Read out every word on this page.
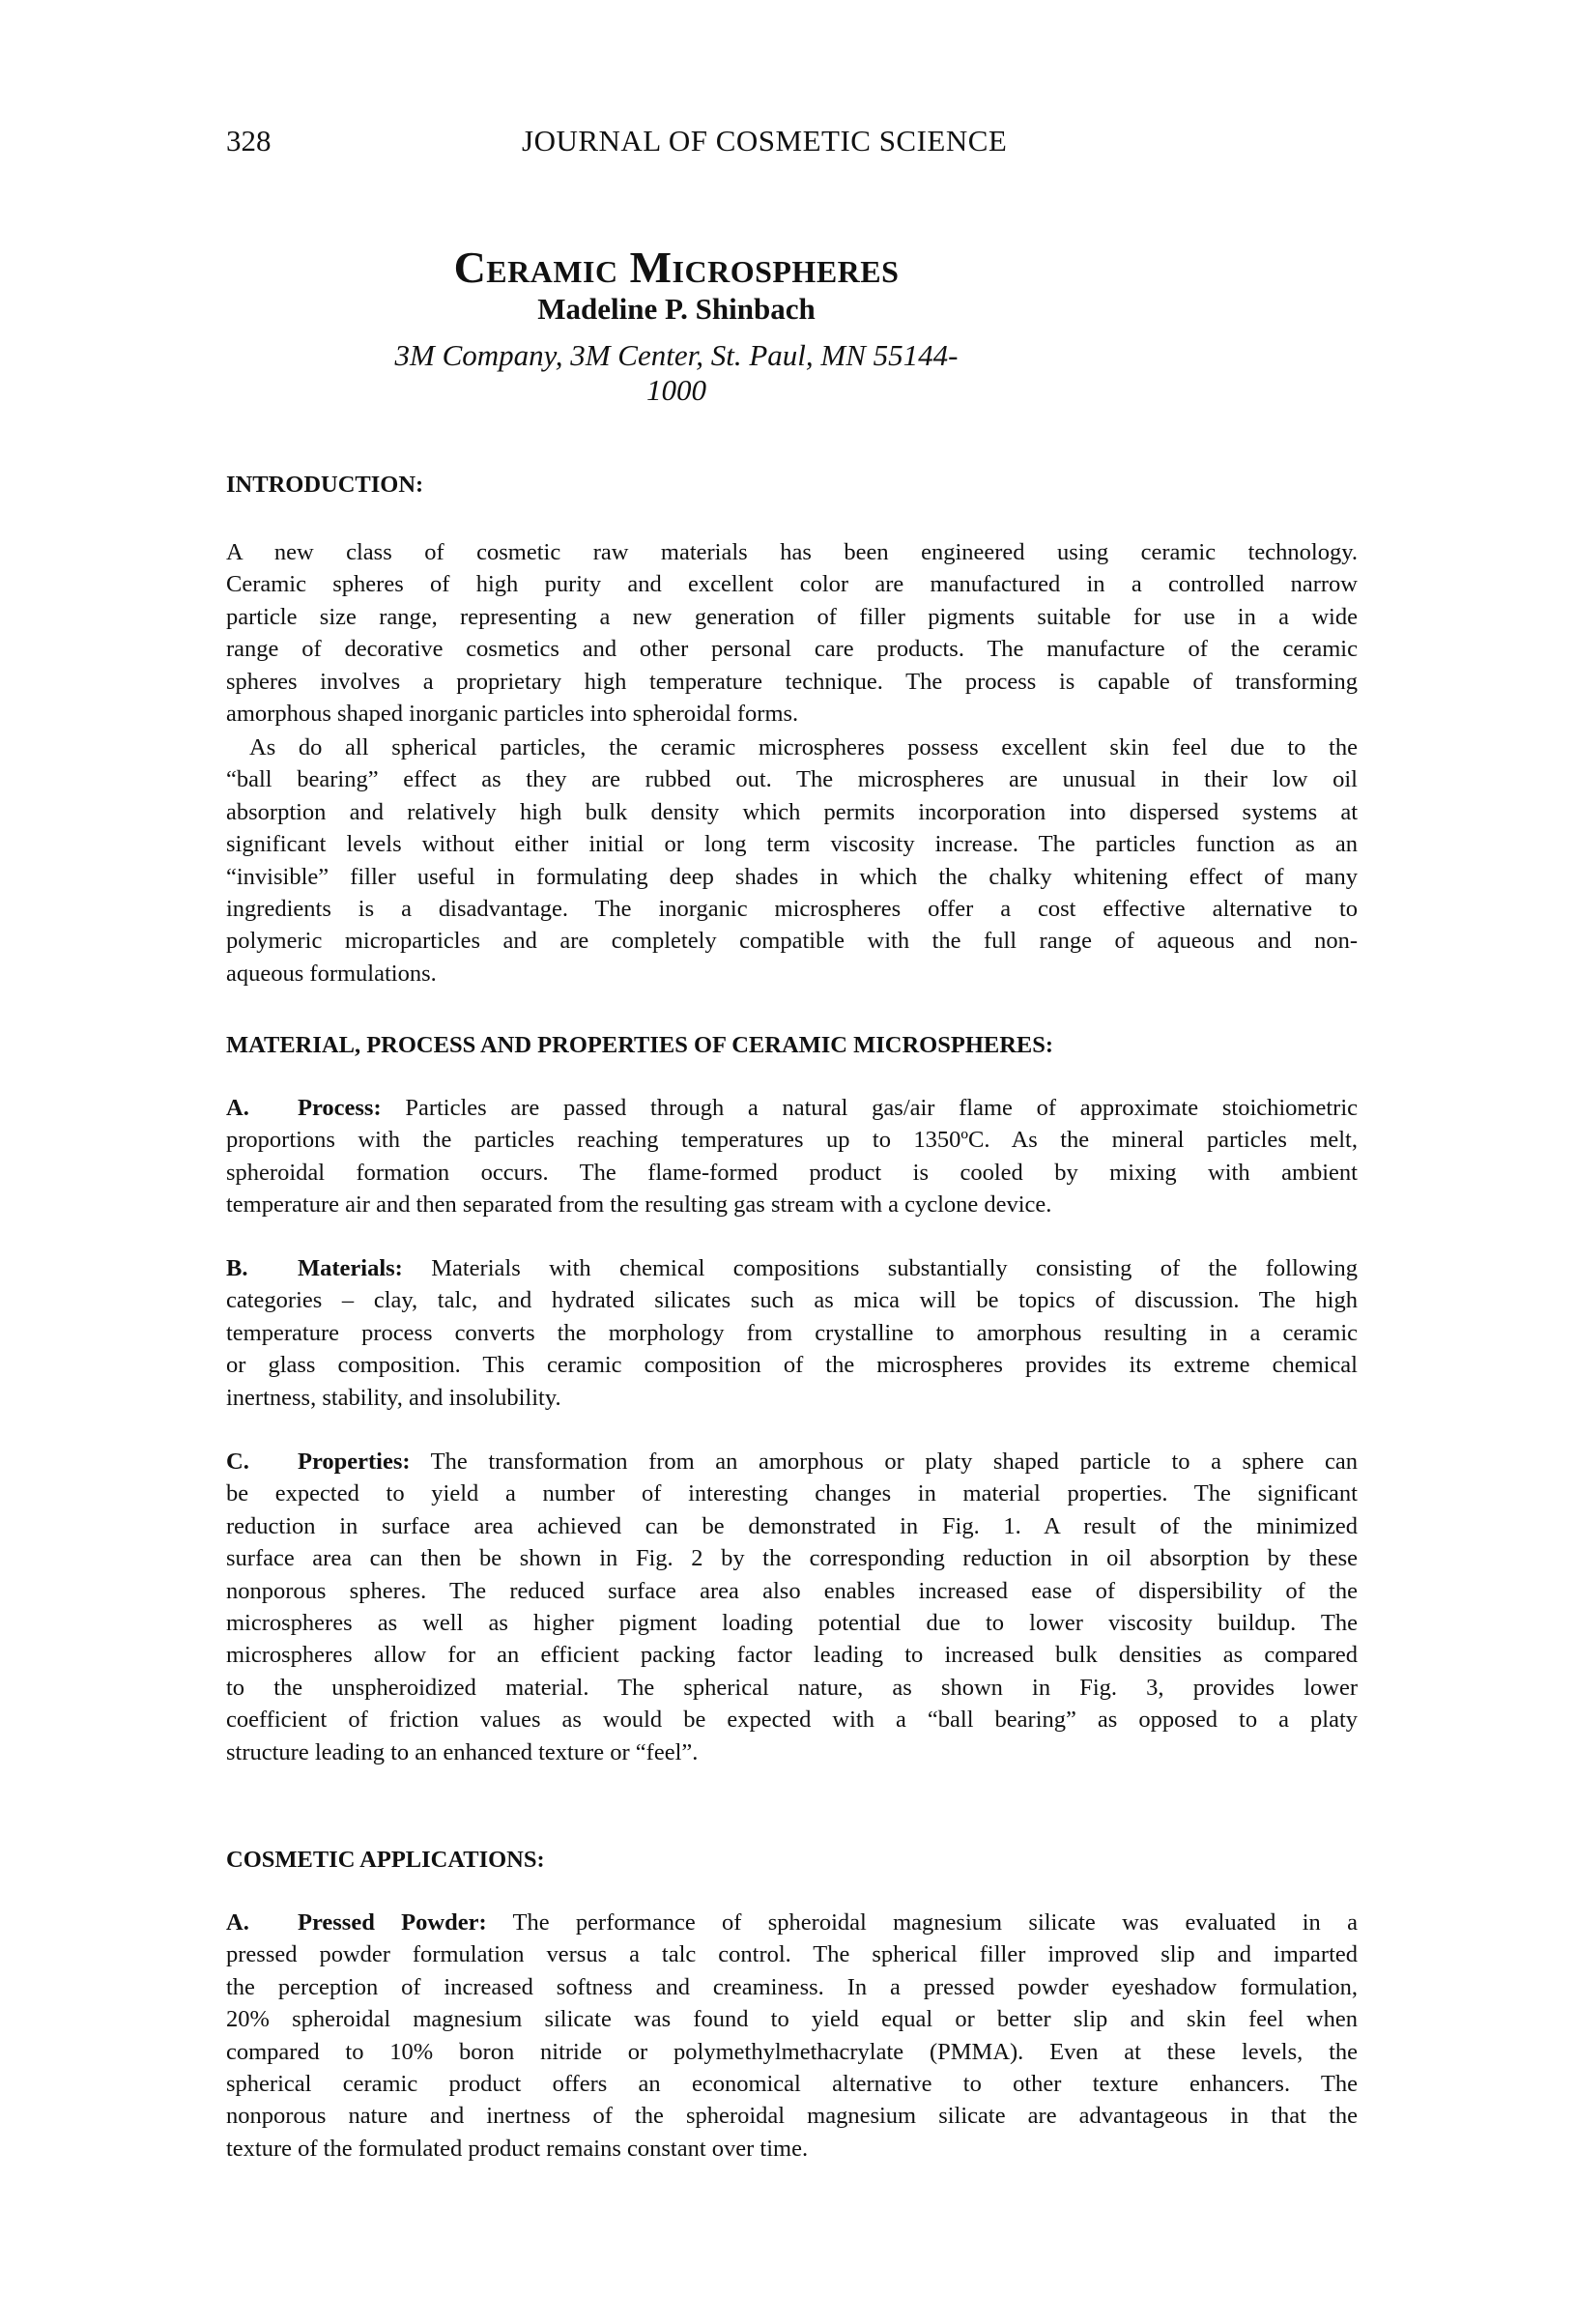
328	JOURNAL OF COSMETIC SCIENCE
Ceramic Microspheres
Madeline P. Shinbach
3M Company, 3M Center, St. Paul, MN 55144-1000
INTRODUCTION:
A new class of cosmetic raw materials has been engineered using ceramic technology.
Ceramic spheres of high purity and excellent color are manufactured in a controlled narrow
particle size range, representing a new generation of filler pigments suitable for use in a wide
range of decorative cosmetics and other personal care products. The manufacture of the ceramic
spheres involves a proprietary high temperature technique. The process is capable of transforming
amorphous shaped inorganic particles into spheroidal forms.
As do all spherical particles, the ceramic microspheres possess excellent skin feel due to the
“ball bearing” effect as they are rubbed out. The microspheres are unusual in their low oil
absorption and relatively high bulk density which permits incorporation into dispersed systems at
significant levels without either initial or long term viscosity increase. The particles function as an
“invisible” filler useful in formulating deep shades in which the chalky whitening effect of many
ingredients is a disadvantage. The inorganic microspheres offer a cost effective alternative to
polymeric microparticles and are completely compatible with the full range of aqueous and non-
aqueous formulations.
MATERIAL, PROCESS AND PROPERTIES OF CERAMIC MICROSPHERES:
A. Process: Particles are passed through a natural gas/air flame of approximate stoichiometric
proportions with the particles reaching temperatures up to 1350ºC. As the mineral particles melt,
spheroidal formation occurs. The flame-formed product is cooled by mixing with ambient
temperature air and then separated from the resulting gas stream with a cyclone device.
B. Materials: Materials with chemical compositions substantially consisting of the following
categories – clay, talc, and hydrated silicates such as mica will be topics of discussion. The high
temperature process converts the morphology from crystalline to amorphous resulting in a ceramic
or glass composition. This ceramic composition of the microspheres provides its extreme chemical
inertness, stability, and insolubility.
C. Properties: The transformation from an amorphous or platy shaped particle to a sphere can
be expected to yield a number of interesting changes in material properties. The significant
reduction in surface area achieved can be demonstrated in Fig. 1. A result of the minimized
surface area can then be shown in Fig. 2 by the corresponding reduction in oil absorption by these
nonporous spheres. The reduced surface area also enables increased ease of dispersibility of the
microspheres as well as higher pigment loading potential due to lower viscosity buildup. The
microspheres allow for an efficient packing factor leading to increased bulk densities as compared
to the unspheroidized material. The spherical nature, as shown in Fig. 3, provides lower
coefficient of friction values as would be expected with a “ball bearing” as opposed to a platy
structure leading to an enhanced texture or “feel”.
COSMETIC APPLICATIONS:
A. Pressed Powder: The performance of spheroidal magnesium silicate was evaluated in a
pressed powder formulation versus a talc control. The spherical filler improved slip and imparted
the perception of increased softness and creaminess. In a pressed powder eyeshadow formulation,
20% spheroidal magnesium silicate was found to yield equal or better slip and skin feel when
compared to 10% boron nitride or polymethylmethacrylate (PMMA). Even at these levels, the
spherical ceramic product offers an economical alternative to other texture enhancers. The
nonporous nature and inertness of the spheroidal magnesium silicate are advantageous in that the
texture of the formulated product remains constant over time.
